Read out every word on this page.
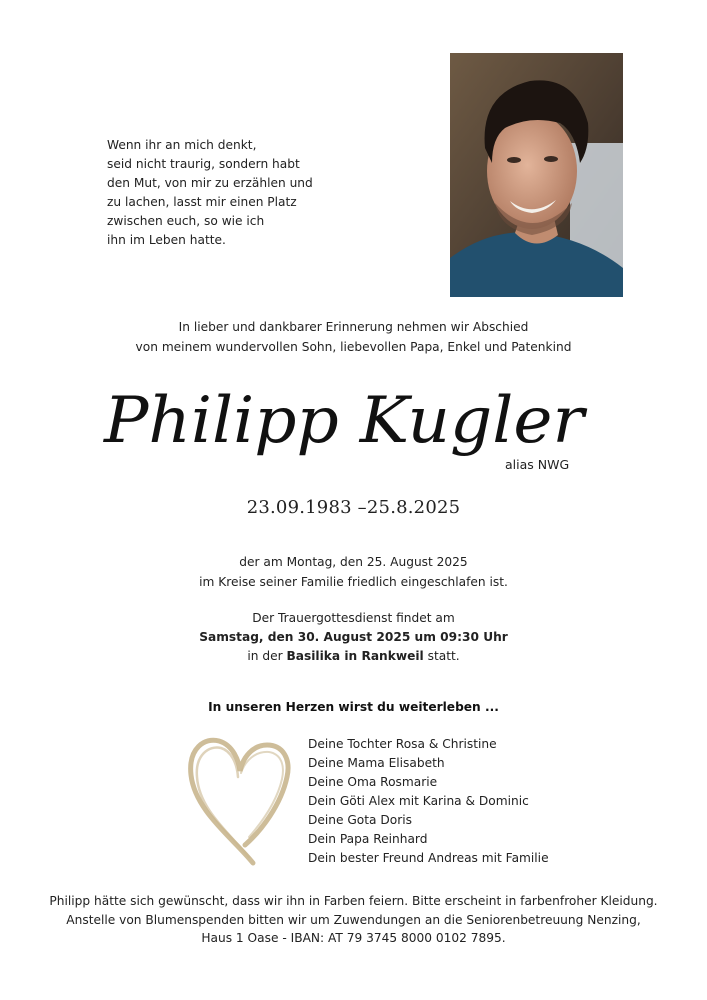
Wenn ihr an mich denkt,
seid nicht traurig, sondern habt
den Mut, von mir zu erzählen und
zu lachen, lasst mir einen Platz
zwischen euch, so wie ich
ihn im Leben hatte.
In lieber und dankbarer Erinnerung nehmen wir Abschied
von meinem wundervollen Sohn, liebevollen Papa, Enkel und Patenkind
Philipp Kugler
alias NWG
23.09.1983 –25.8.2025
der am Montag, den 25. August 2025
im Kreise seiner Familie friedlich eingeschlafen ist.
Der Trauergottesdienst findet am
Samstag, den 30. August 2025 um 09:30 Uhr
in der Basilika in Rankweil statt.
In unseren Herzen wirst du weiterleben ...
Deine Tochter Rosa & Christine
Deine Mama Elisabeth
Deine Oma Rosmarie
Dein Göti Alex mit Karina & Dominic
Deine Gota Doris
Dein Papa Reinhard
Dein bester Freund Andreas mit Familie
Philipp hätte sich gewünscht, dass wir ihn in Farben feiern. Bitte erscheint in farbenfroher Kleidung.
Anstelle von Blumenspenden bitten wir um Zuwendungen an die Seniorenbetreuung Nenzing,
Haus 1 Oase - IBAN: AT 79 3745 8000 0102 7895.
